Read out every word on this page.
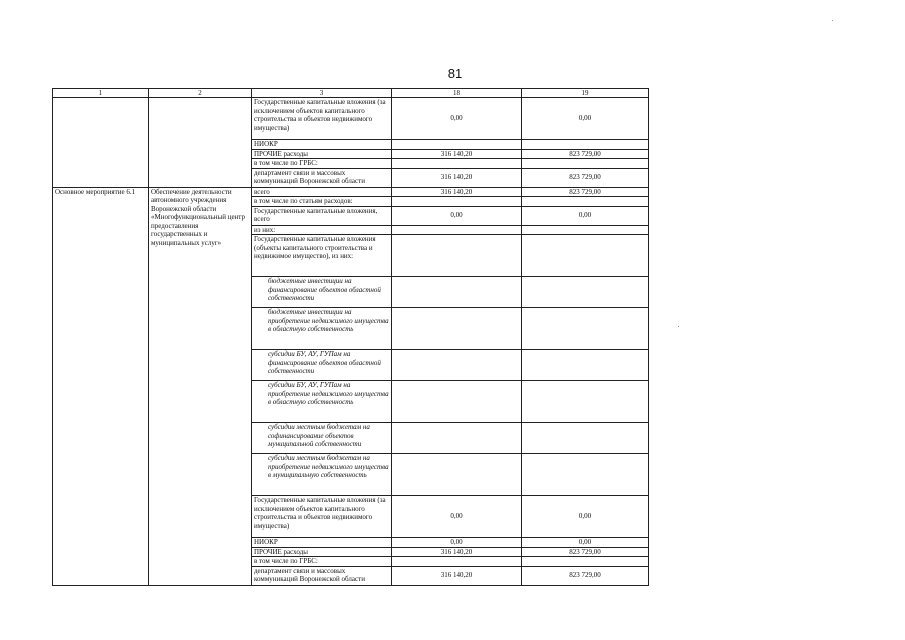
81
1	2	3	18	19
		Государственные капитальные вложения (за исключением объектов капитального строительства и объектов недвижимого имущества)	0,00	0,00
		НИОКР		
		ПРОЧИЕ расходы	316 140,20	823 729,00
		в том числе по ГРБС:		
		департамент связи и массовых коммуникаций Воронежской области	316 140,20	823 729,00
Основное мероприятие 6.1	Обеспечение деятельности автономного учреждения Воронежской области «Многофункциональный центр предоставления государственных и муниципальных услуг»	всего	316 140,20	823 729,00
		в том числе по статьям расходов:		
		Государственные капитальные вложения, всего	0,00	0,00
		из них:		
		Государственные капитальные вложения (объекты капитального строительства и недвижимое имущество), из них:		
		бюджетные инвестиции на финансирование объектов областной собственности		
		бюджетные инвестиции на приобретение недвижимого имущества в областную собственность		
		субсидии БУ, АУ, ГУПам на финансирование объектов областной собственности		
		субсидии БУ, АУ, ГУПам на приобретение недвижимого имущества в областную собственность		
		субсидии местным бюджетам на софинансирование объектов муниципальной собственности		
		субсидии местным бюджетам на приобретение недвижимого имущества в муниципальную собственность		
		Государственные капитальные вложения (за исключением объектов капитального строительства и объектов недвижимого имущества)	0,00	0,00
		НИОКР	0,00	0,00
		ПРОЧИЕ расходы	316 140,20	823 729,00
		в том числе по ГРБС:		
		департамент связи и массовых коммуникаций Воронежской области	316 140,20	823 729,00
